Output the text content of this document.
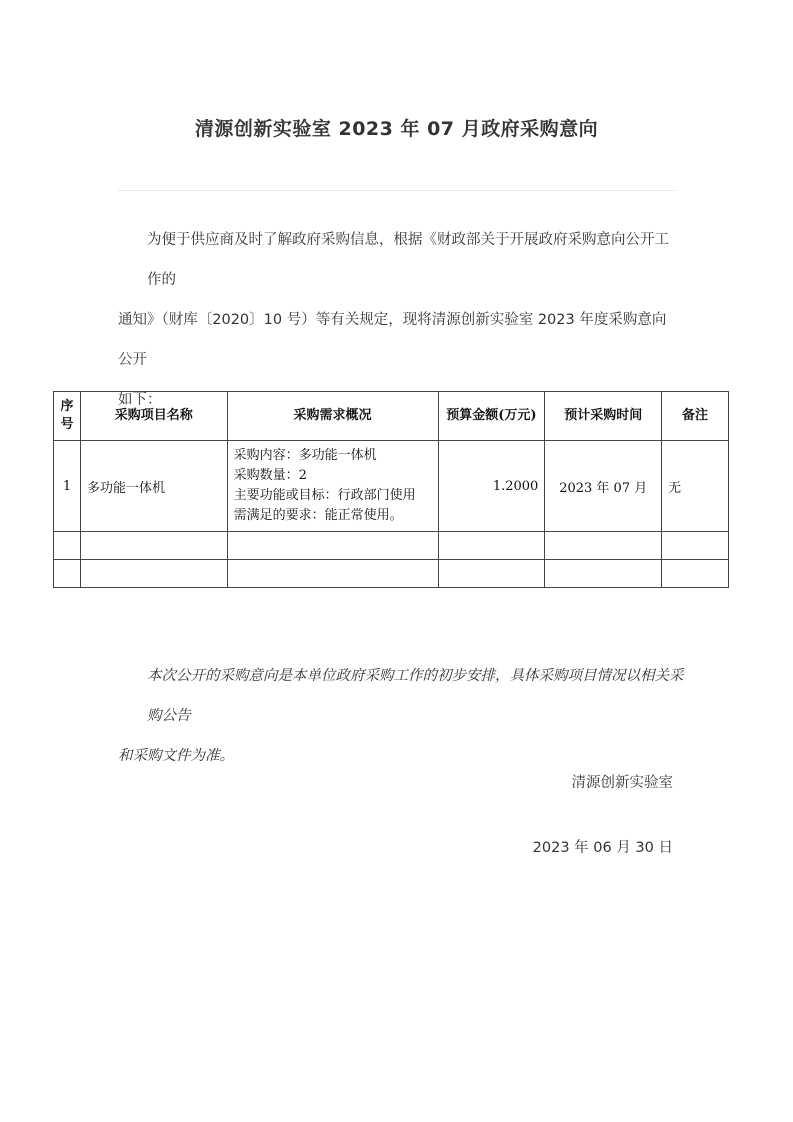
清源创新实验室 2023 年 07 月政府采购意向

为便于供应商及时了解政府采购信息，根据《财政部关于开展政府采购意向公开工作的

通知》（财库〔2020〕10 号）等有关规定，现将清源创新实验室 2023 年度采购意向公开

如下：

序
号	采购项目名称	采购需求概况	预算金额(万元)	预计采购时间	备注
1	多功能一体机	采购内容：多功能一体机
采购数量：2
主要功能或目标：行政部门使用
需满足的要求：能正常使用。	1.2000	2023 年 07 月	无

本次公开的采购意向是本单位政府采购工作的初步安排，具体采购项目情况以相关采购公告

和采购文件为准。

清源创新实验室
2023 年 06 月 30 日
